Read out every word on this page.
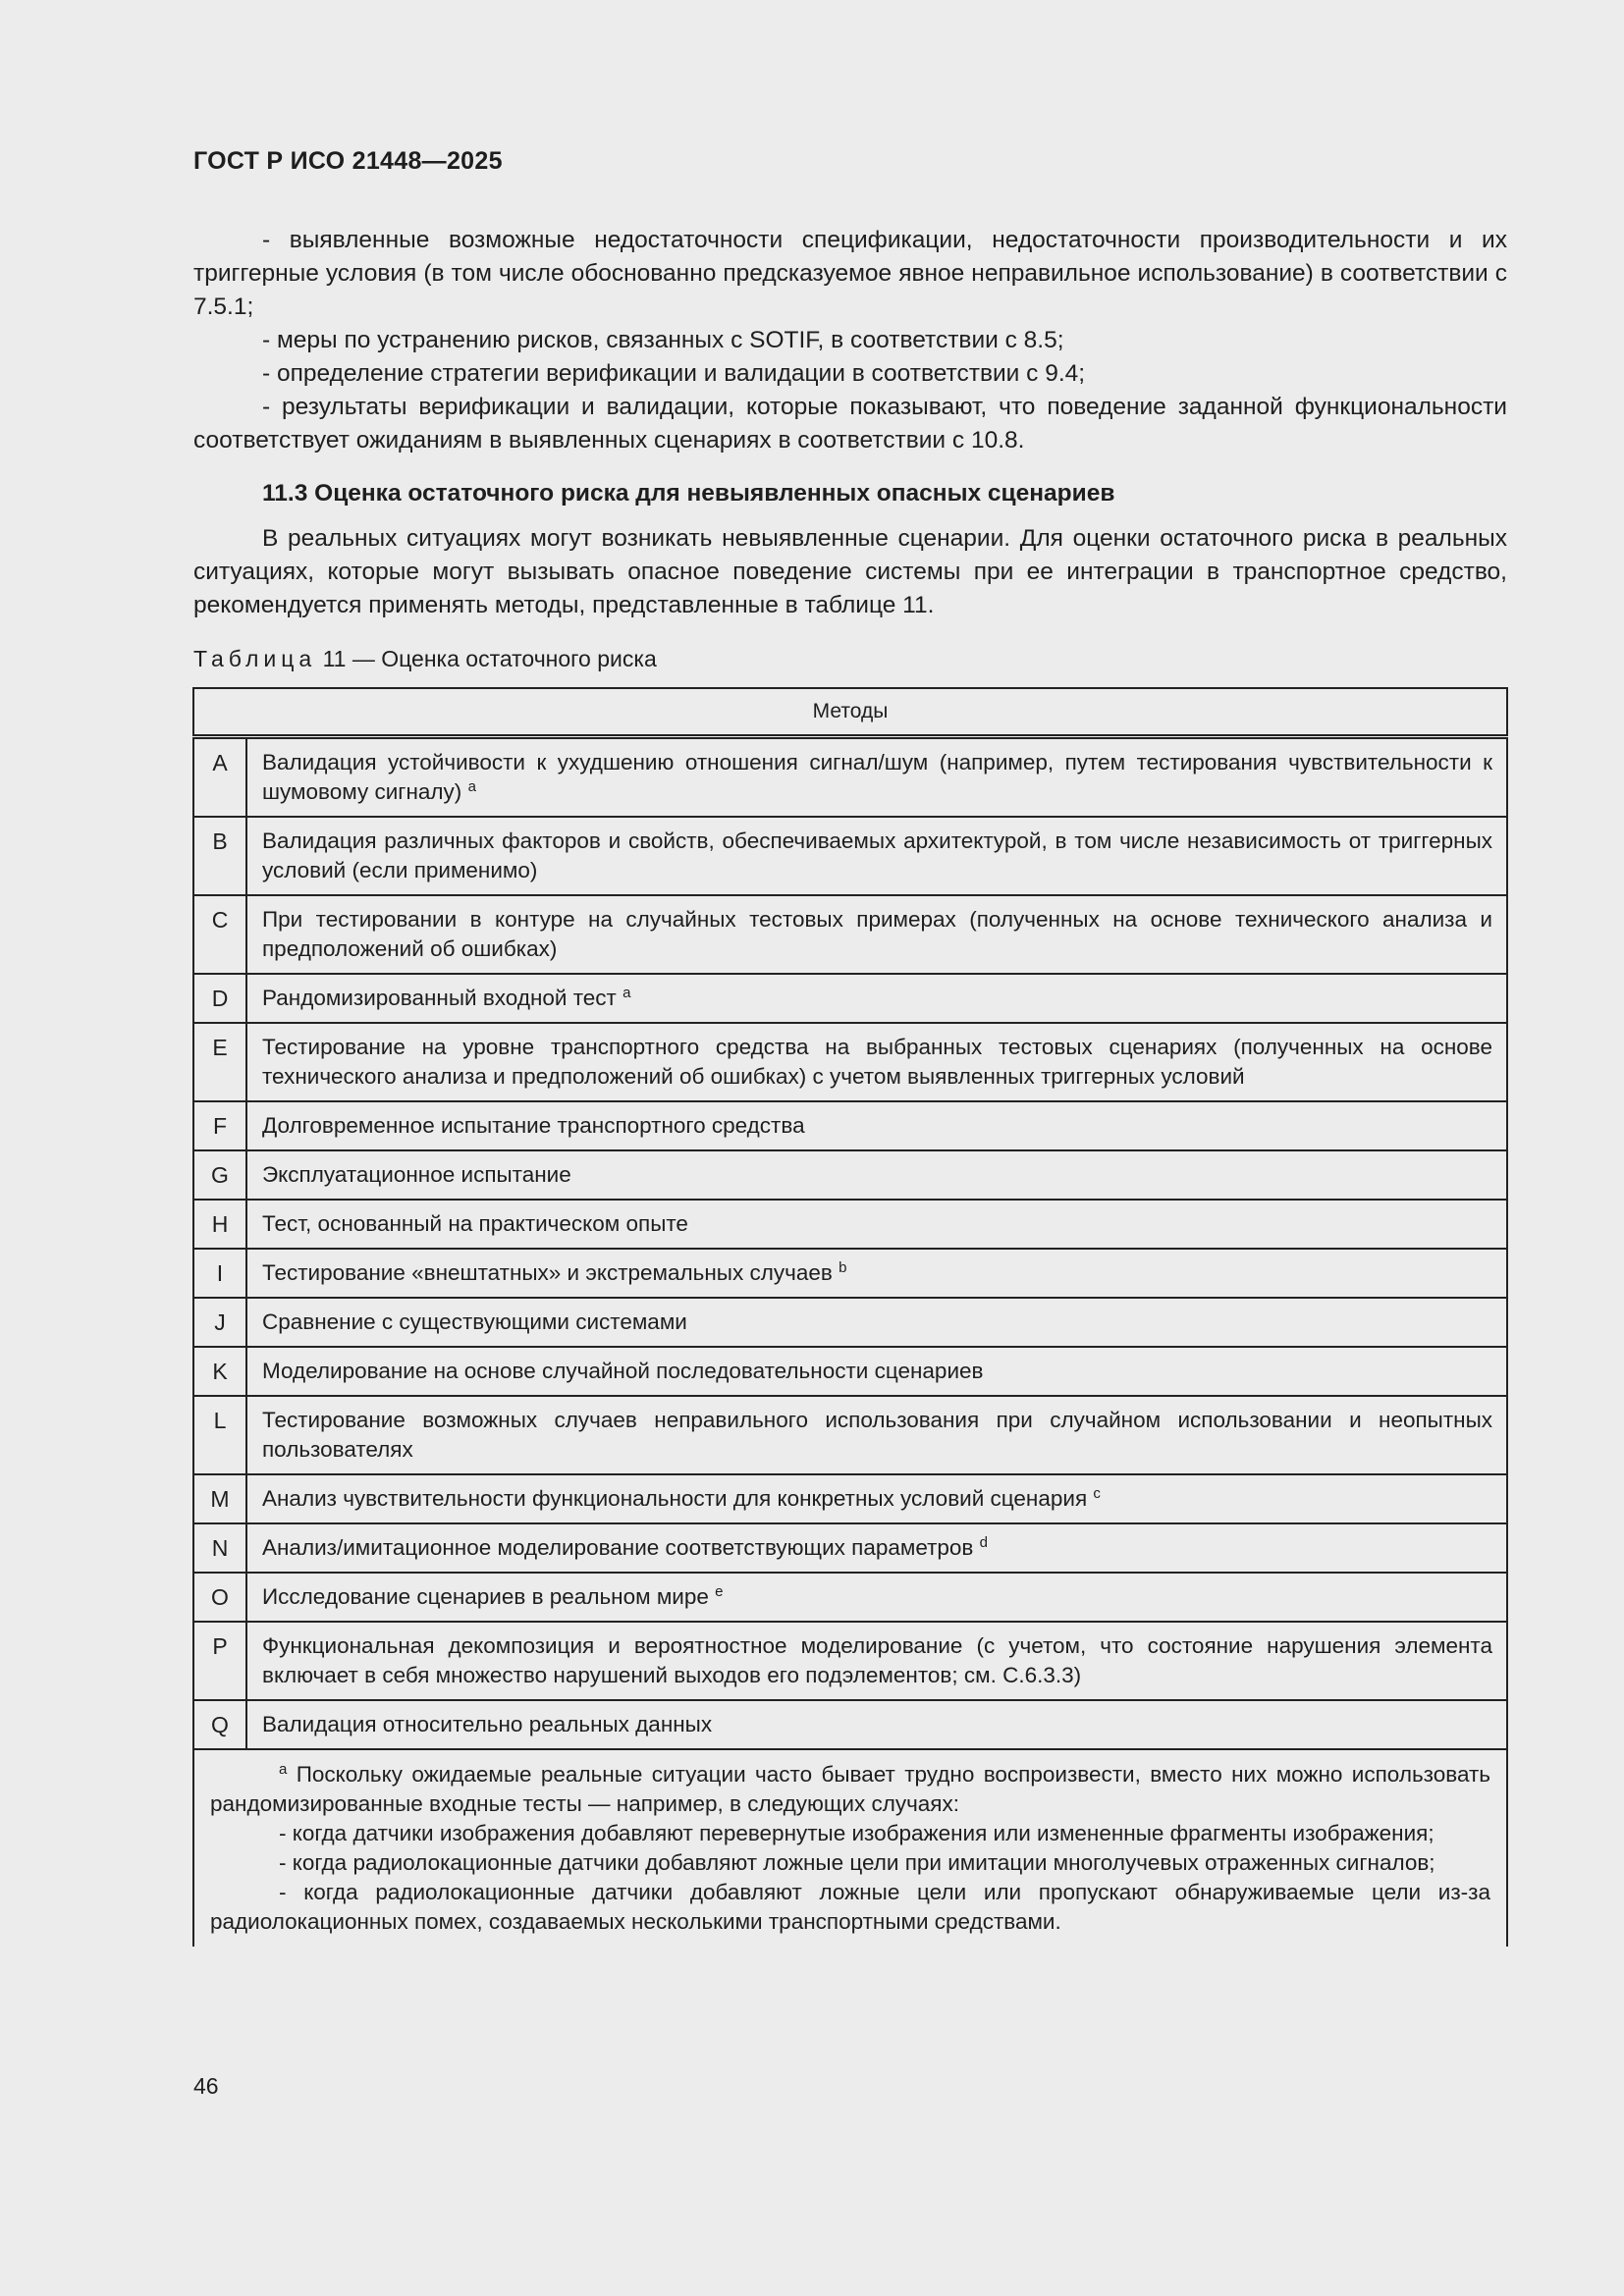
ГОСТ Р ИСО 21448—2025

- выявленные возможные недостаточности спецификации, недостаточности производительности и их триггерные условия (в том числе обоснованно предсказуемое явное неправильное использование) в соответствии с 7.5.1;

- меры по устранению рисков, связанных с SOTIF, в соответствии с 8.5;

- определение стратегии верификации и валидации в соответствии с 9.4;

- результаты верификации и валидации, которые показывают, что поведение заданной функциональности соответствует ожиданиям в выявленных сценариях в соответствии с 10.8.

11.3 Оценка остаточного риска для невыявленных опасных сценариев

В реальных ситуациях могут возникать невыявленные сценарии. Для оценки остаточного риска в реальных ситуациях, которые могут вызывать опасное поведение системы при ее интеграции в транспортное средство, рекомендуется применять методы, представленные в таблице 11.

Таблица 11 — Оценка остаточного риска
Методы	
A	Валидация устойчивости к ухудшению отношения сигнал/шум (например, путем тестирования чувствительности к шумовому сигналу) $^a$
B	Валидация различных факторов и свойств, обеспечиваемых архитектурой, в том числе независимость от триггерных условий (если применимо)
C	При тестировании в контуре на случайных тестовых примерах (полученных на основе технического анализа и предположений об ошибках)
D	Рандомизированный входной тест $^a$
E	Тестирование на уровне транспортного средства на выбранных тестовых сценариях (полученных на основе технического анализа и предположений об ошибках) с учетом выявленных триггерных условий
F	Долговременное испытание транспортного средства
G	Эксплуатационное испытание
H	Тест, основанный на практическом опыте
I	Тестирование «внештатных» и экстремальных случаев $^b$
J	Сравнение с существующими системами
K	Моделирование на основе случайной последовательности сценариев
L	Тестирование возможных случаев неправильного использования при случайном использовании и неопытных пользователях
M	Анализ чувствительности функциональности для конкретных условий сценария $^c$
N	Анализ/имитационное моделирование соответствующих параметров $^d$
O	Исследование сценариев в реальном мире $^e$
P	Функциональная декомпозиция и вероятностное моделирование (с учетом, что состояние нарушения элемента включает в себя множество нарушений выходов его подэлементов; см. С.6.3.3)
Q	Валидация относительно реальных данных

$^a$ Поскольку ожидаемые реальные ситуации часто бывает трудно воспроизвести, вместо них можно использовать рандомизированные входные тесты — например, в следующих случаях:

- когда датчики изображения добавляют перевернутые изображения или измененные фрагменты изображения;

- когда радиолокационные датчики добавляют ложные цели при имитации многолучевых отраженных сигналов;

- когда радиолокационные датчики добавляют ложные цели или пропускают обнаруживаемые цели из-за радиолокационных помех, создаваемых несколькими транспортными средствами.	

46
